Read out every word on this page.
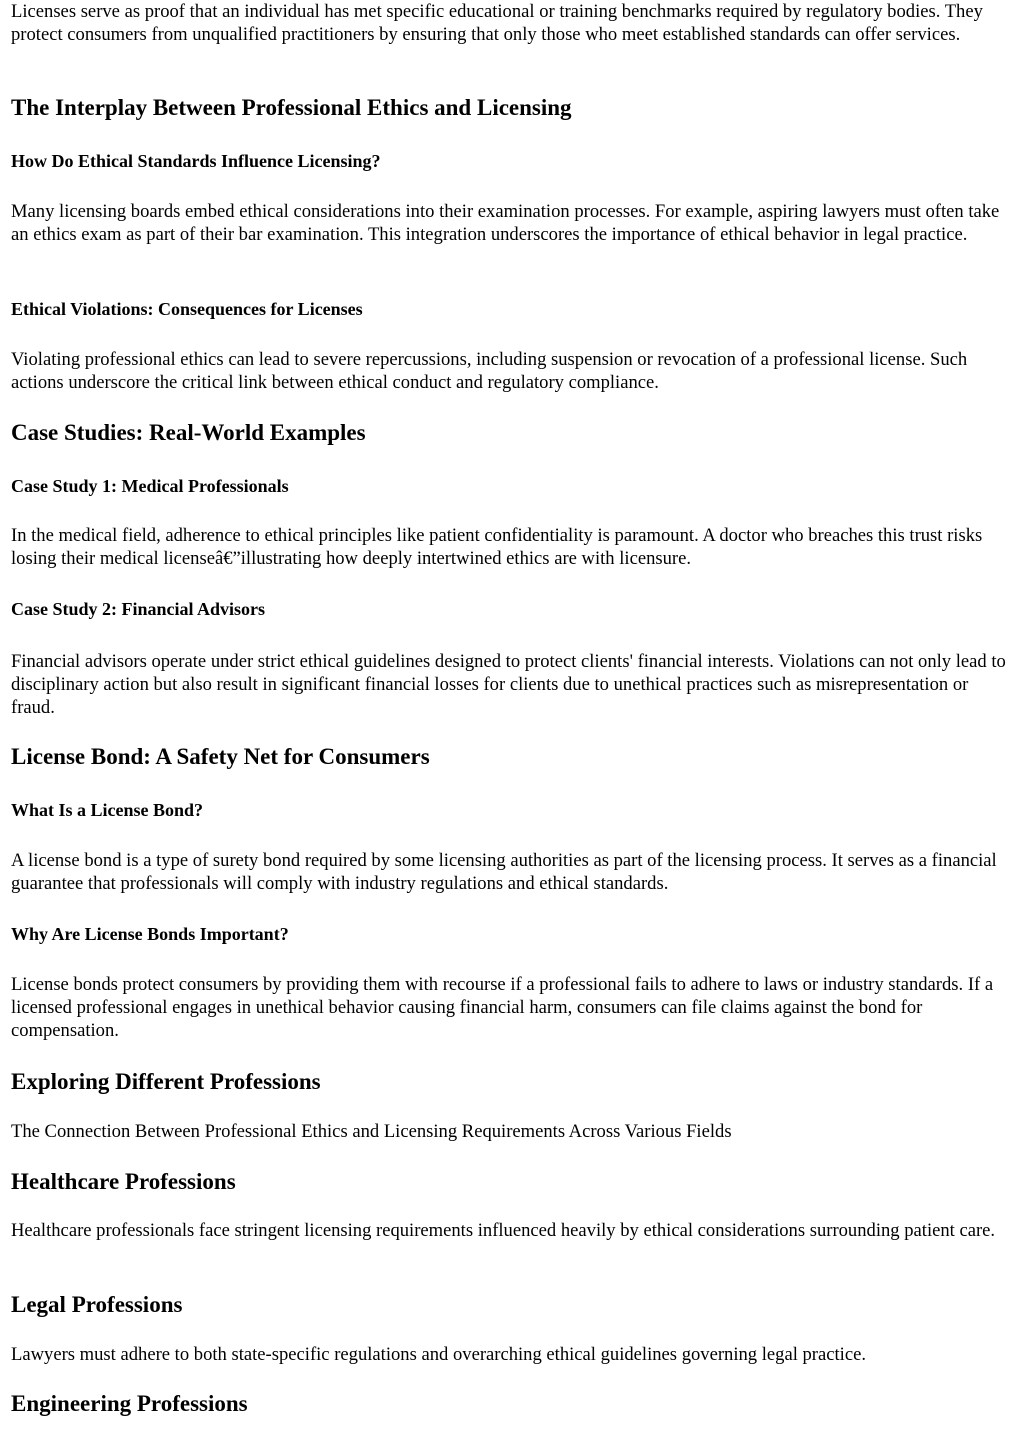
Licenses serve as proof that an individual has met specific educational or training benchmarks required by regulatory bodies. They protect consumers from unqualified practitioners by ensuring that only those who meet established standards can offer services.

The Interplay Between Professional Ethics and Licensing
How Do Ethical Standards Influence Licensing?

Many licensing boards embed ethical considerations into their examination processes. For example, aspiring lawyers must often take an ethics exam as part of their bar examination. This integration underscores the importance of ethical behavior in legal practice.

Ethical Violations: Consequences for Licenses

Violating professional ethics can lead to severe repercussions, including suspension or revocation of a professional license. Such actions underscore the critical link between ethical conduct and regulatory compliance.

Case Studies: Real-World Examples
Case Study 1: Medical Professionals

In the medical field, adherence to ethical principles like patient confidentiality is paramount. A doctor who breaches this trust risks losing their medical licenseâ€”illustrating how deeply intertwined ethics are with licensure.

Case Study 2: Financial Advisors

Financial advisors operate under strict ethical guidelines designed to protect clients' financial interests. Violations can not only lead to disciplinary action but also result in significant financial losses for clients due to unethical practices such as misrepresentation or fraud.

License Bond: A Safety Net for Consumers
What Is a License Bond?

A license bond is a type of surety bond required by some licensing authorities as part of the licensing process. It serves as a financial guarantee that professionals will comply with industry regulations and ethical standards.

Why Are License Bonds Important?

License bonds protect consumers by providing them with recourse if a professional fails to adhere to laws or industry standards. If a licensed professional engages in unethical behavior causing financial harm, consumers can file claims against the bond for compensation.

Exploring Different Professions

The Connection Between Professional Ethics and Licensing Requirements Across Various Fields

Healthcare Professions

Healthcare professionals face stringent licensing requirements influenced heavily by ethical considerations surrounding patient care.

Legal Professions

Lawyers must adhere to both state-specific regulations and overarching ethical guidelines governing legal practice.

Engineering Professions
